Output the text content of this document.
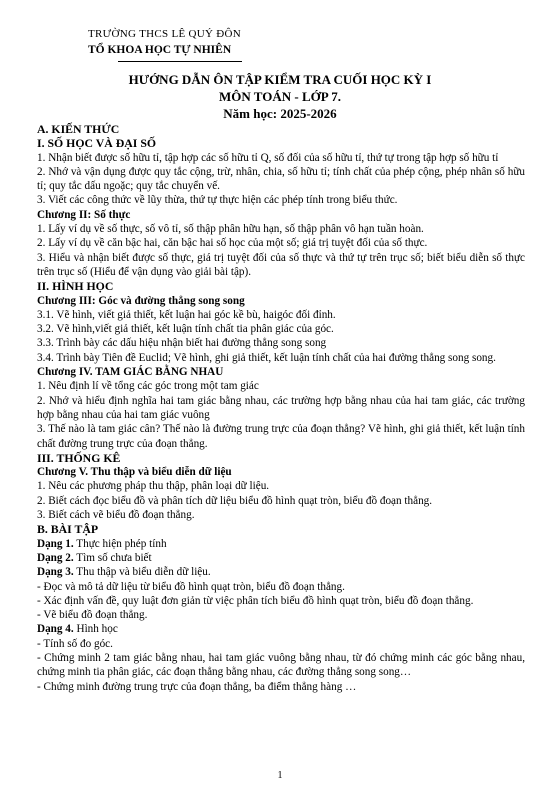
TRƯỜNG THCS LÊ QUÝ ĐÔN
TỔ KHOA HỌC TỰ NHIÊN
HƯỚNG DẪN ÔN TẬP KIỂM TRA CUỐI HỌC KỲ I
MÔN TOÁN - LỚP 7.
Năm học: 2025-2026
A. KIẾN THỨC
I. SỐ HỌC VÀ ĐẠI SỐ
1. Nhận biết được số hữu tỉ, tập hợp các số hữu tỉ Q, số đối của số hữu tỉ, thứ tự trong tập hợp số hữu tỉ
2. Nhớ và vận dụng được quy tắc cộng, trừ, nhân, chia, số hữu tỉ; tính chất của phép cộng, phép nhân số hữu tỉ; quy tắc dấu ngoặc; quy tắc chuyển vế.
3. Viết các công thức về lũy thừa, thứ tự thực hiện các phép tính trong biểu thức.
Chương II: Số thực
1. Lấy ví dụ về số thực, số vô tỉ, số thập phân hữu hạn, số thập phân vô hạn tuần hoàn.
2. Lấy ví dụ về căn bậc hai, căn bậc hai số học của một số; giá trị tuyệt đối của số thực.
3. Hiểu và nhận biết được số thực, giá trị tuyệt đối của số thực và thứ tự trên trục số; biết biểu diễn số thực trên trục số (Hiểu để vận dụng vào giải bài tập).
II. HÌNH HỌC
Chương III: Góc và đường thẳng song song
3.1. Vẽ hình, viết giả thiết, kết luận hai góc kề bù, haigóc đối đỉnh.
3.2. Vẽ hình,viết giả thiết, kết luận tính chất tia phân giác của góc.
3.3. Trình bày các dấu hiệu nhận biết hai đường thẳng song song
3.4. Trình bày Tiên đề Euclid; Vẽ hình, ghi giả thiết, kết luận tính chất của hai đường thẳng song song.
Chương IV. TAM GIÁC BẰNG NHAU
1. Nêu định lí về tổng các góc trong một tam giác
2. Nhớ và hiểu định nghĩa hai tam giác bằng nhau, các trường hợp bằng nhau của hai tam giác, các trường hợp bằng nhau của hai tam giác vuông
3. Thế nào là tam giác cân? Thế nào là đường trung trực của đoạn thẳng? Vẽ hình, ghi giả thiết, kết luận tính chất đường trung trực của đoạn thẳng.
III. THỐNG KÊ
Chương V. Thu thập và biểu diễn dữ liệu
1. Nêu các phương pháp thu thập, phân loại dữ liệu.
2. Biết cách đọc biểu đồ và phân tích dữ liệu biểu đồ hình quạt tròn, biểu đồ đoạn thẳng.
3. Biết cách vẽ biểu đồ đoạn thẳng.
B. BÀI TẬP
Dạng 1. Thực hiện phép tính
Dạng 2. Tìm số chưa biết
Dạng 3. Thu thập và biểu diễn dữ liệu.
- Đọc và mô tả dữ liệu từ biểu đồ hình quạt tròn, biểu đồ đoạn thẳng.
- Xác định vấn đề, quy luật đơn giản từ việc phân tích biểu đồ hình quạt tròn, biểu đồ đoạn thẳng.
- Vẽ biểu đồ đoạn thẳng.
Dạng 4. Hình học
- Tính số đo góc.
- Chứng minh 2 tam giác bằng nhau, hai tam giác vuông bằng nhau, từ đó chứng minh các góc bằng nhau, chứng minh tia phân giác, các đoạn thẳng bằng nhau, các đường thẳng song song…
- Chứng minh đường trung trực của đoạn thẳng, ba điểm thẳng hàng …
1
